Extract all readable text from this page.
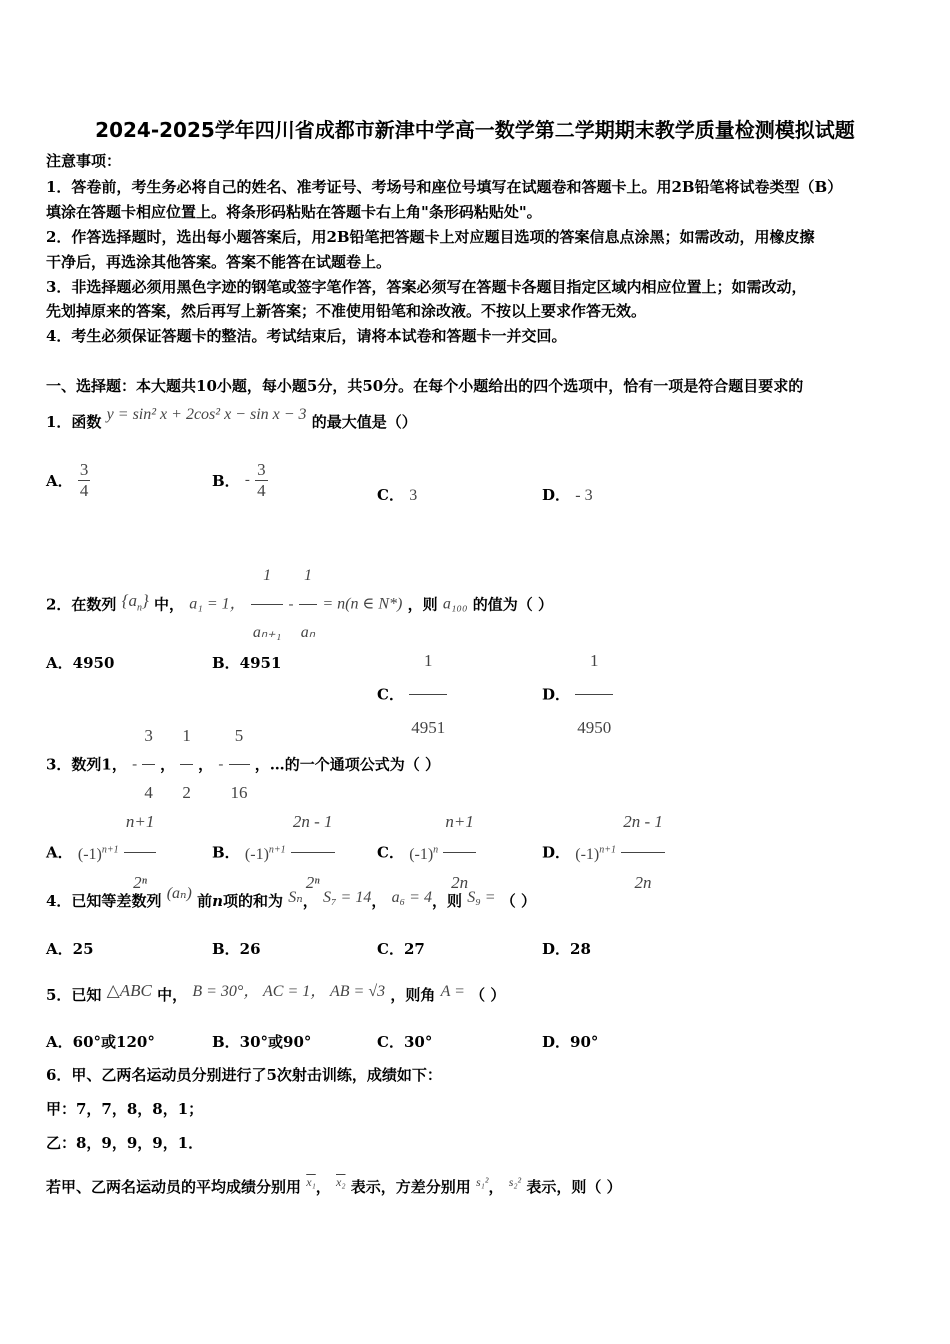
2024-2025学年四川省成都市新津中学高一数学第二学期期末教学质量检测模拟试题
注意事项：
1．答卷前，考生务必将自己的姓名、准考证号、考场号和座位号填写在试题卷和答题卡上。用2B铅笔将试卷类型（B）
填涂在答题卡相应位置上。将条形码粘贴在答题卡右上角"条形码粘贴处"。
2．作答选择题时，选出每小题答案后，用2B铅笔把答题卡上对应题目选项的答案信息点涂黑；如需改动，用橡皮擦
干净后，再选涂其他答案。答案不能答在试题卷上。
3．非选择题必须用黑色字迹的钢笔或签字笔作答，答案必须写在答题卡各题目指定区域内相应位置上；如需改动，
先划掉原来的答案，然后再写上新答案；不准使用铅笔和涂改液。不按以上要求作答无效。
4．考生必须保证答题卡的整洁。考试结束后，请将本试卷和答题卡一并交回。
一、选择题：本大题共10小题，每小题5分，共50分。在每个小题给出的四个选项中，恰有一项是符合题目要求的
1．函数 y = sin² x + 2cos² x − sin x − 3 的最大值是（）
A． $\frac{3}{4}$	B． - $\frac{3}{4}$	C． 3	D． - 3
2．在数列 $\{a_n\}$ 中， a₁ = 1， $\frac{1}{\text{aₙ₊₁}} - \frac{1}{\text{aₙ}} = n(n$ ∈ N*) ，则 a₁₀₀ 的值为（ ）
A．4950	B．4951
C． $\frac{1}{4951}$	D． $\frac{1}{4950}$
3．数列1， - $\frac{3}{4}$ ， $\frac{1}{2}$ ， - $\frac{5}{16}$ ，…的一个通项公式为（ ）
A． $(-1)^{n+1} \frac{n+1}{\text{2ⁿ}}$	B． $(-1)^{n+1} \frac{2n - 1}{\text{2ⁿ}}$	C． $(-1)^n \frac{n+1}{2n}$	D． $(-1)^{n+1} \frac{2n - 1}{2n}$
4．已知等差数列 (aₙ) 前n项的和为 Sₙ， S₇ = 14， a₆ = 4，则 S₉ = （ ）
A．25	B．26	C．27	D．28
5．已知 △ABC 中， B = 30°， AC = 1， AB = √3 ，则角 A = （ ）
A．60°或120°	B．30°或90°	C．30°	D．90°
6．甲、乙两名运动员分别进行了5次射击训练，成绩如下：
甲：7，7，8，8，1；
乙：8，9，9，9，1．
若甲、乙两名运动员的平均成绩分别用 $^{x_1}$， $^{x_2}$ 表示，方差分别用 $^{s_1^2}$， $^{s_2^2}$ 表示，则（ ）
